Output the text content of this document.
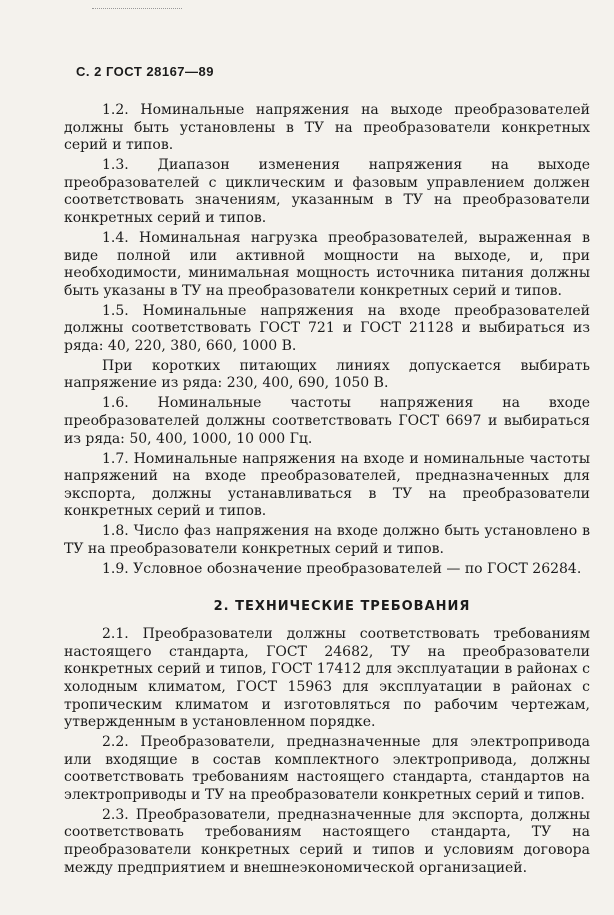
С. 2 ГОСТ 28167—89

1.2. Номинальные напряжения на выходе преобразователей должны быть установлены в ТУ на преобразователи конкретных серий и типов.

1.3. Диапазон изменения напряжения на выходе преобразователей с циклическим и фазовым управлением должен соответствовать значениям, указанным в ТУ на преобразователи конкретных серий и типов.

1.4. Номинальная нагрузка преобразователей, выраженная в виде полной или активной мощности на выходе, и, при необходимости, минимальная мощность источника питания должны быть указаны в ТУ на преобразователи конкретных серий и типов.

1.5. Номинальные напряжения на входе преобразователей должны соответствовать ГОСТ 721 и ГОСТ 21128 и выбираться из ряда: 40, 220, 380, 660, 1000 В.

При коротких питающих линиях допускается выбирать напряжение из ряда: 230, 400, 690, 1050 В.

1.6. Номинальные частоты напряжения на входе преобразователей должны соответствовать ГОСТ 6697 и выбираться из ряда: 50, 400, 1000, 10 000 Гц.

1.7. Номинальные напряжения на входе и номинальные частоты напряжений на входе преобразователей, предназначенных для экспорта, должны устанавливаться в ТУ на преобразователи конкретных серий и типов.

1.8. Число фаз напряжения на входе должно быть установлено в ТУ на преобразователи конкретных серий и типов.

1.9. Условное обозначение преобразователей — по ГОСТ 26284.

2. ТЕХНИЧЕСКИЕ ТРЕБОВАНИЯ

2.1. Преобразователи должны соответствовать требованиям настоящего стандарта, ГОСТ 24682, ТУ на преобразователи конкретных серий и типов, ГОСТ 17412 для эксплуатации в районах с холодным климатом, ГОСТ 15963 для эксплуатации в районах с тропическим климатом и изготовляться по рабочим чертежам, утвержденным в установленном порядке.

2.2. Преобразователи, предназначенные для электропривода или входящие в состав комплектного электропривода, должны соответствовать требованиям настоящего стандарта, стандартов на электроприводы и ТУ на преобразователи конкретных серий и типов.

2.3. Преобразователи, предназначенные для экспорта, должны соответствовать требованиям настоящего стандарта, ТУ на преобразователи конкретных серий и типов и условиям договора между предприятием и внешнеэкономической организацией.
